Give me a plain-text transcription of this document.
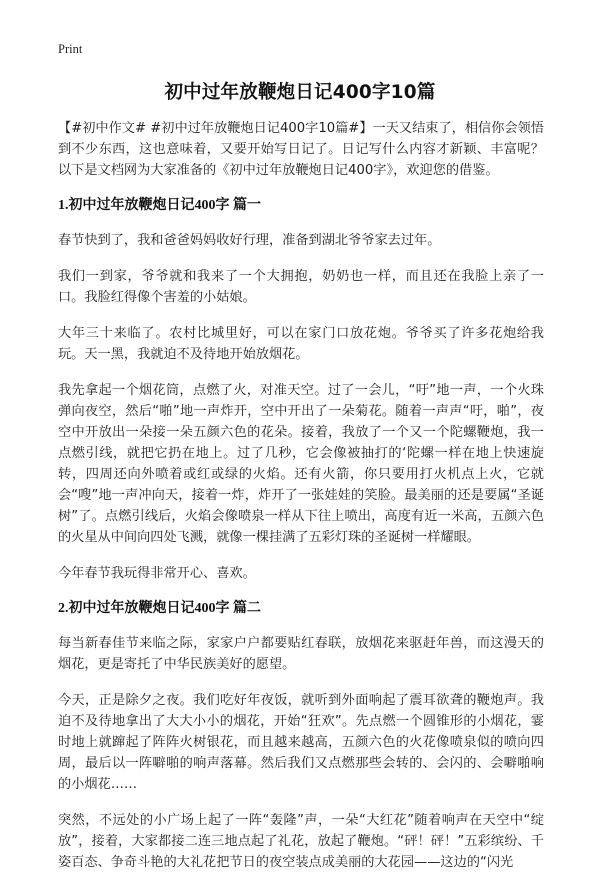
Print
初中过年放鞭炮日记400字10篇

【#初中作文# #初中过年放鞭炮日记400字10篇#】一天又结束了，相信你会领悟到不少东西，这也意味着，又要开始写日记了。日记写什么内容才新颖、丰富呢？以下是文档网为大家准备的《初中过年放鞭炮日记400字》，欢迎您的借鉴。

1.初中过年放鞭炮日记400字 篇一

春节快到了，我和爸爸妈妈收好行理，准备到湖北爷爷家去过年。

我们一到家，爷爷就和我来了一个大拥抱，奶奶也一样，而且还在我脸上亲了一口。我脸红得像个害羞的小姑娘。

大年三十来临了。农村比城里好，可以在家门口放花炮。爷爷买了许多花炮给我玩。天一黑，我就迫不及待地开始放烟花。

我先拿起一个烟花筒，点燃了火，对准天空。过了一会儿，“吁”地一声，一个火珠弹向夜空，然后“啪”地一声炸开，空中开出了一朵菊花。随着一声声“吁，啪”，夜空中开放出一朵接一朵五颜六色的花朵。接着，我放了一个又一个陀螺鞭炮，我一点燃引线，就把它扔在地上。过了几秒，它会像被抽打的‘陀螺一样在地上快速旋转，四周还向外喷着或红或绿的火焰。还有火箭，你只要用打火机点上火，它就会“嗖”地一声冲向天，接着一炸，炸开了一张娃娃的笑脸。最美丽的还是要属“圣诞树”了。点燃引线后，火焰会像喷泉一样从下往上喷出，高度有近一米高，五颜六色的火星从中间向四处飞溅，就像一棵挂满了五彩灯珠的圣诞树一样耀眼。

今年春节我玩得非常开心、喜欢。

2.初中过年放鞭炮日记400字 篇二

每当新春佳节来临之际，家家户户都要贴红春联，放烟花来驱赶年兽，而这漫天的烟花，更是寄托了中华民族美好的愿望。

今天，正是除夕之夜。我们吃好年夜饭，就听到外面响起了震耳欲聋的鞭炮声。我迫不及待地拿出了大大小小的烟花，开始“狂欢”。先点燃一个圆锥形的小烟花，霎时地上就蹿起了阵阵火树银花，而且越来越高，五颜六色的火花像喷泉似的喷向四周，最后以一阵噼啪的响声落幕。然后我们又点燃那些会转的、会闪的、会噼啪响的小烟花……

突然，不远处的小广场上起了一阵“轰隆”声，一朵“大红花”随着响声在天空中“绽放”，接着，大家都接二连三地点起了礼花，放起了鞭炮。“砰！砰！”五彩缤纷、千姿百态、争奇斗艳的大礼花把节日的夜空装点成美丽的大花园——这边的“闪光
